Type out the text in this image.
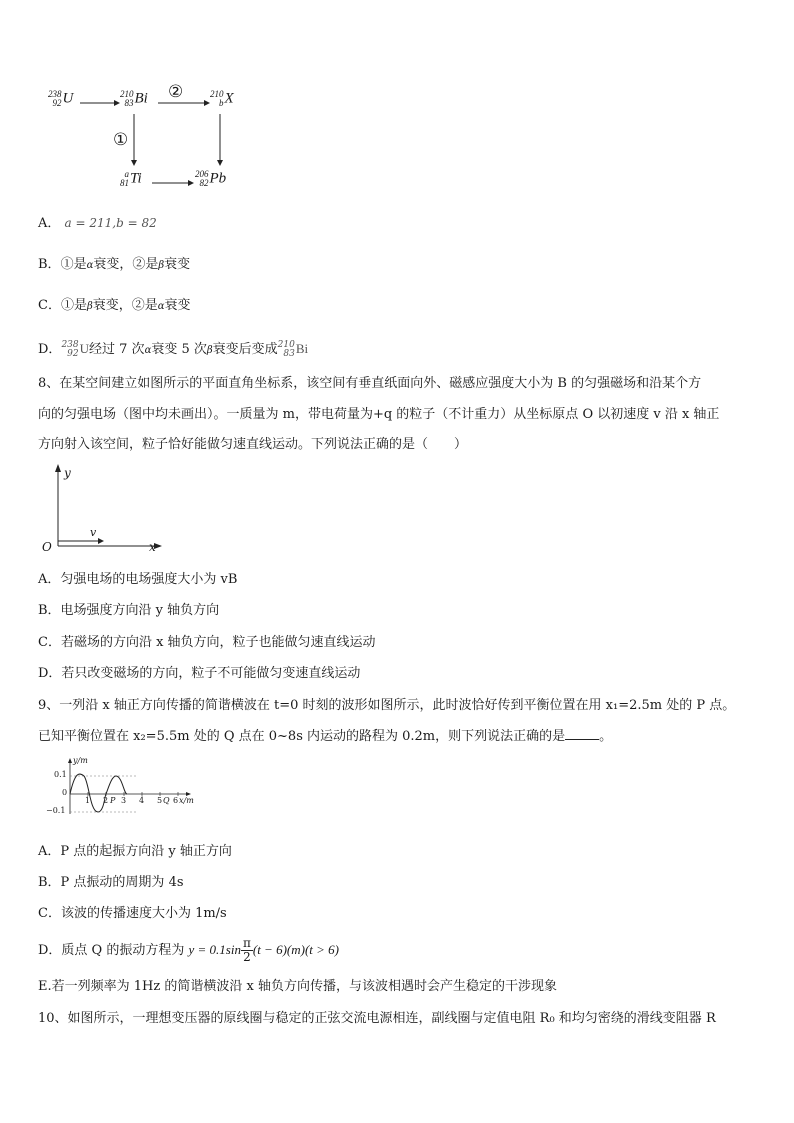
238
92U	210
83Bi ②	210
bX
①
a
81Ti	206
82Pb
A． a = 211,b = 82
B．①是α衰变，②是β衰变
C．①是β衰变，②是α衰变
D．238
92U经过 7 次α衰变 5 次β衰变后变成210
83Bi
8、在某空间建立如图所示的平面直角坐标系，该空间有垂直纸面向外、磁感应强度大小为 B 的匀强磁场和沿某个方
向的匀强电场（图中均未画出）。一质量为 m，带电荷量为+q 的粒子（不计重力）从坐标原点 O 以初速度 v 沿 x 轴正
方向射入该空间，粒子恰好能做匀速直线运动。下列说法正确的是（　　）
y
x
O
v
A．匀强电场的电场强度大小为 vB
B．电场强度方向沿 y 轴负方向
C．若磁场的方向沿 x 轴负方向，粒子也能做匀速直线运动
D．若只改变磁场的方向，粒子不可能做匀变速直线运动
9、一列沿 x 轴正方向传播的简谐横波在 t=0 时刻的波形如图所示，此时波恰好传到平衡位置在用 x₁=2.5m 处的 P 点。
已知平衡位置在 x₂=5.5m 处的 Q 点在 0~8s 内运动的路程为 0.2m，则下列说法正确的是	。
y/m
0.1
0
−0.1
1 2 P 3 4 5 Q 6 x/m
A．P 点的起振方向沿 y 轴正方向
B．P 点振动的周期为 4s
C．该波的传播速度大小为 1m/s
D．质点 Q 的振动方程为 $y = 0.1\sin \frac{\pi}{2} (t - 6)(m)(t > 6)$
E.若一列频率为 1Hz 的简谐横波沿 x 轴负方向传播，与该波相遇时会产生稳定的干涉现象
10、如图所示，一理想变压器的原线圈与稳定的正弦交流电源相连，副线圈与定值电阻 R₀ 和均匀密绕的滑线变阻器 R
